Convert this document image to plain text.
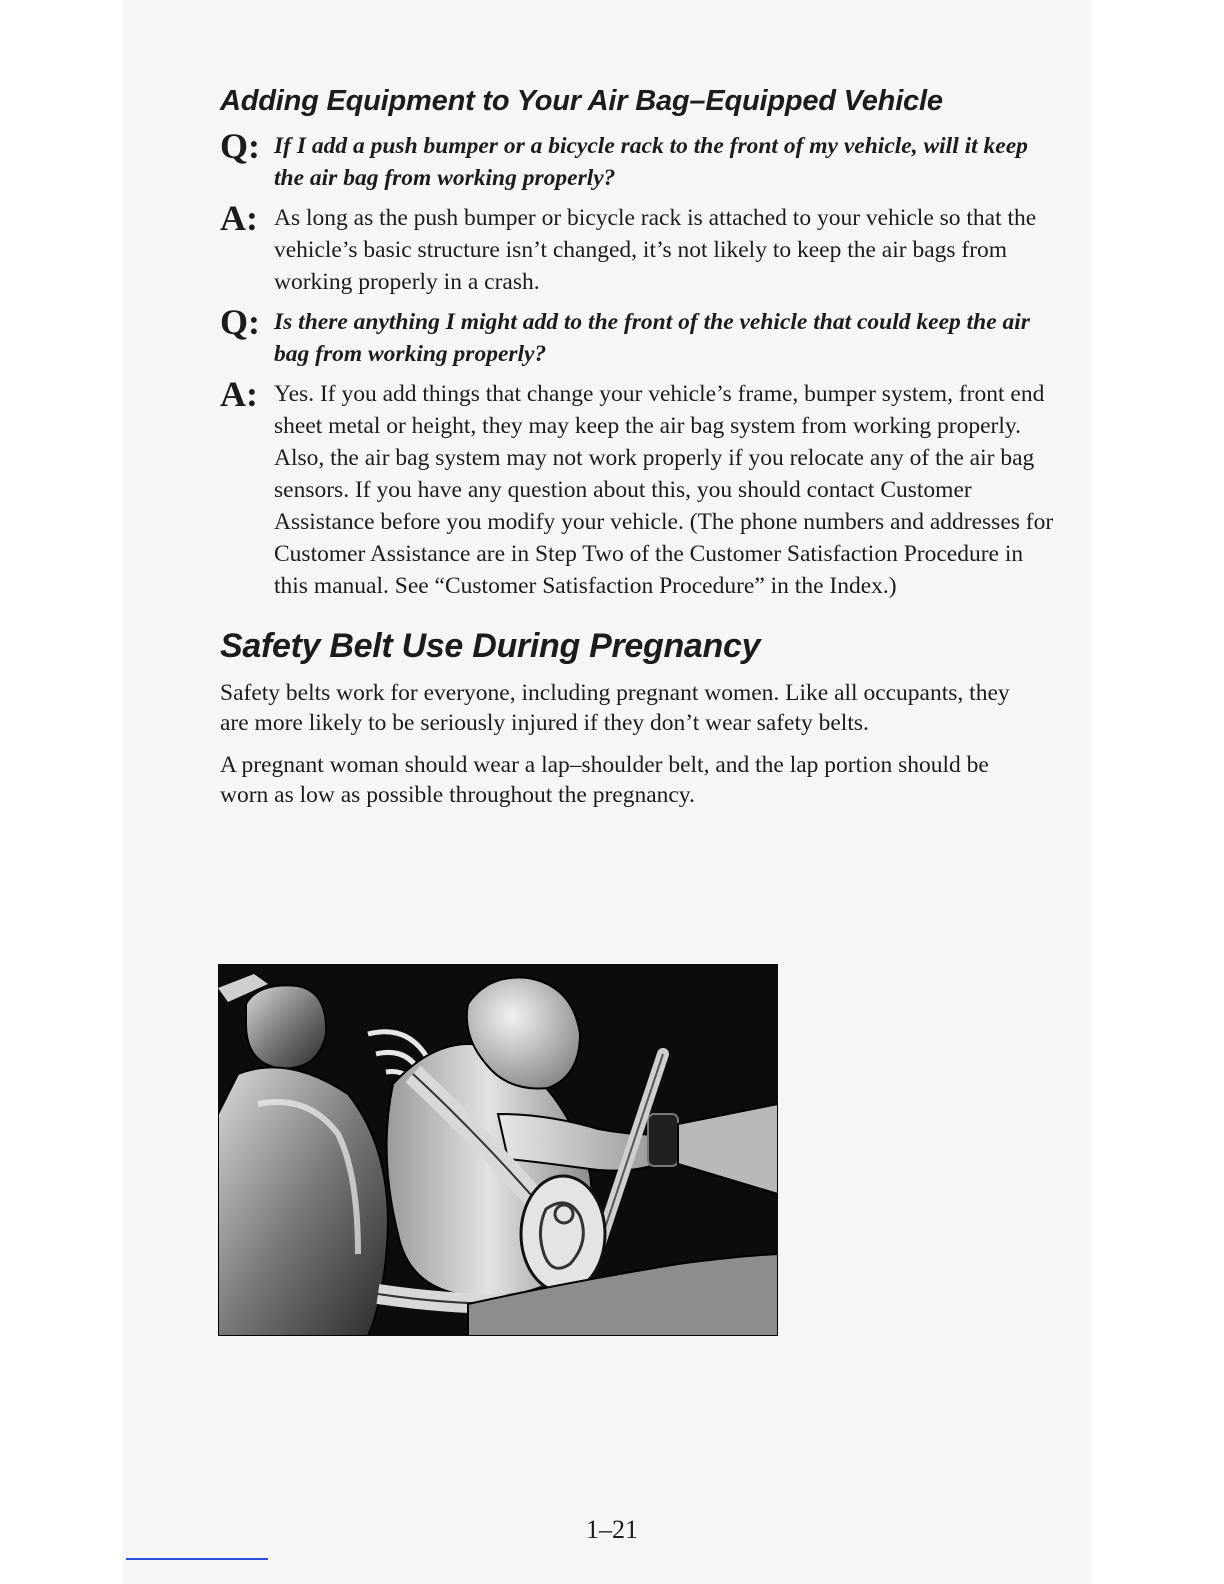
Adding Equipment to Your Air Bag–Equipped Vehicle
Q: If I add a push bumper or a bicycle rack to the front of my vehicle, will it keep the air bag from working properly?
A: As long as the push bumper or bicycle rack is attached to your vehicle so that the vehicle’s basic structure isn’t changed, it’s not likely to keep the air bags from working properly in a crash.
Q: Is there anything I might add to the front of the vehicle that could keep the air bag from working properly?
A: Yes. If you add things that change your vehicle’s frame, bumper system, front end sheet metal or height, they may keep the air bag system from working properly. Also, the air bag system may not work properly if you relocate any of the air bag sensors. If you have any question about this, you should contact Customer Assistance before you modify your vehicle. (The phone numbers and addresses for Customer Assistance are in Step Two of the Customer Satisfaction Procedure in this manual. See “Customer Satisfaction Procedure” in the Index.)
Safety Belt Use During Pregnancy

Safety belts work for everyone, including pregnant women. Like all occupants, they are more likely to be seriously injured if they don’t wear safety belts.

A pregnant woman should wear a lap–shoulder belt, and the lap portion should be worn as low as possible throughout the pregnancy.

1–21
